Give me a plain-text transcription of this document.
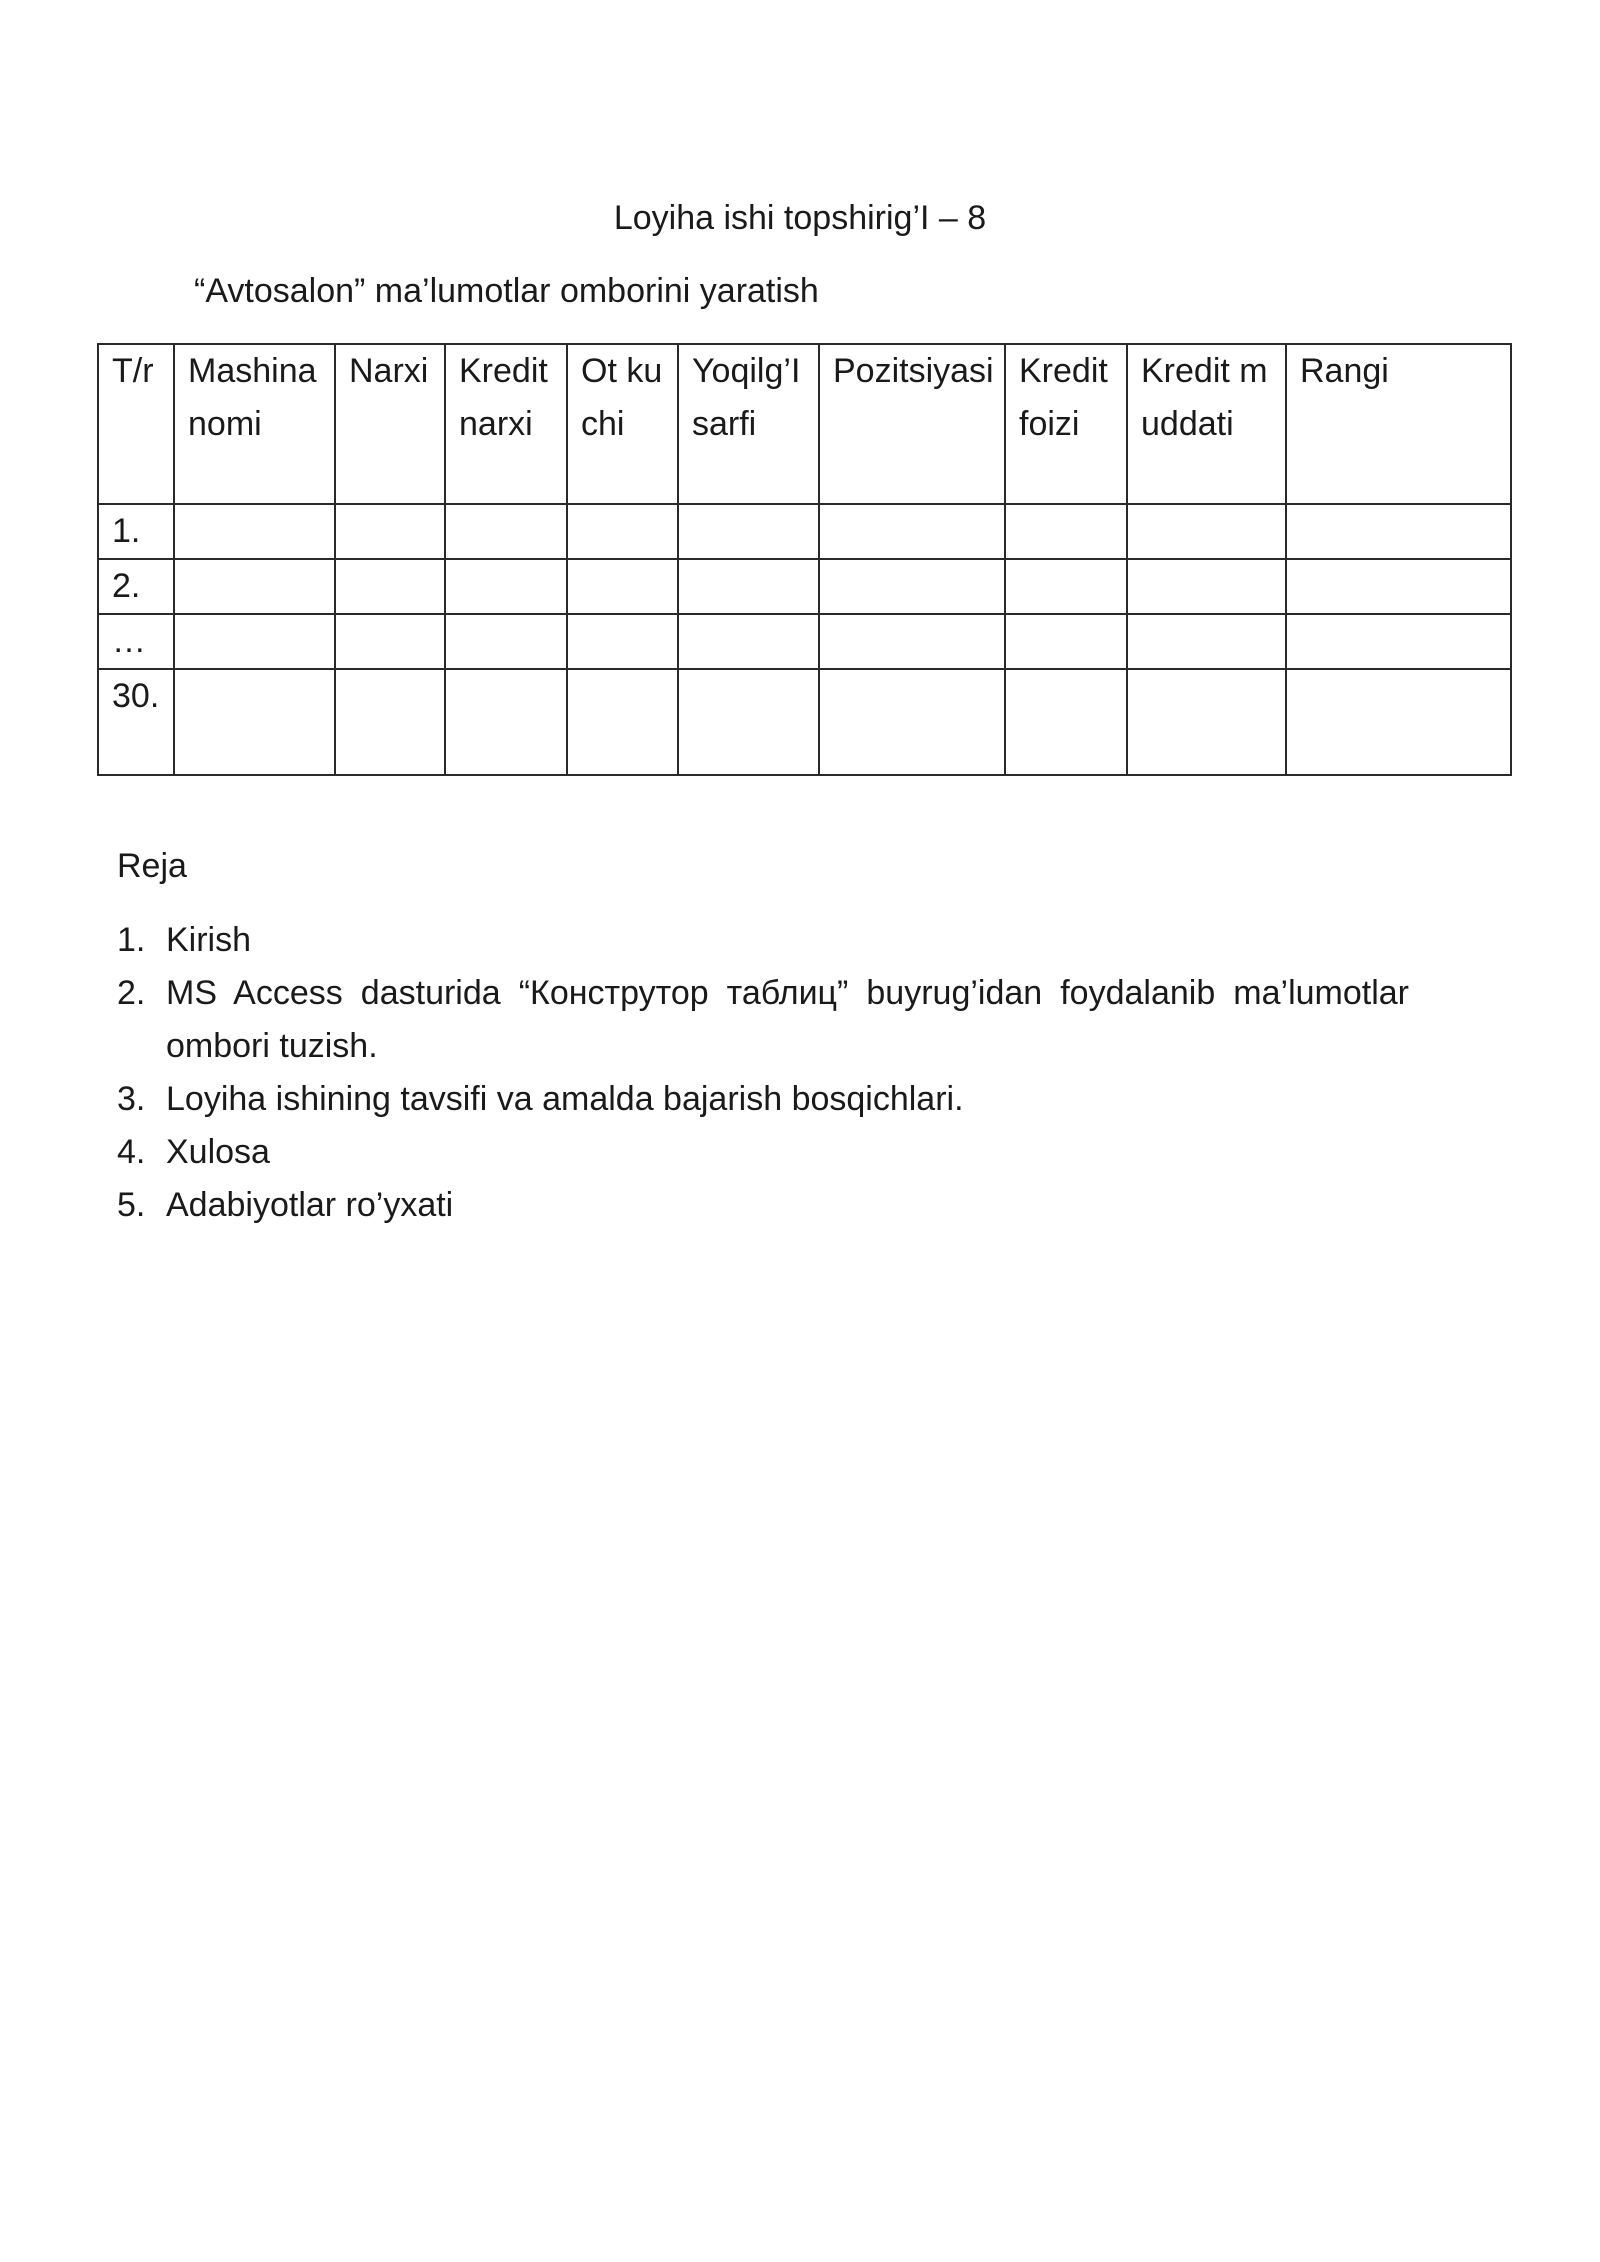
Loyiha ishi topshirig’I – 8
“Avtosalon” ma’lumotlar omborini yaratish
T/r	Mashina nomi	Narxi	Kredit narxi	Ot kuchi	Yoqilg’I sarfi	Pozitsiyasi	Kredit foizi	Kredit muddati	Rangi
1.									
2.									
…									
30.									
Reja
1. Kirish
2. MS Access dasturida “Конструтор таблиц” buyrug’idan foydalanib ma’lumotlar ombori tuzish.
3. Loyiha ishining tavsifi va amalda bajarish bosqichlari.
4. Xulosa
5. Adabiyotlar ro’yxati
